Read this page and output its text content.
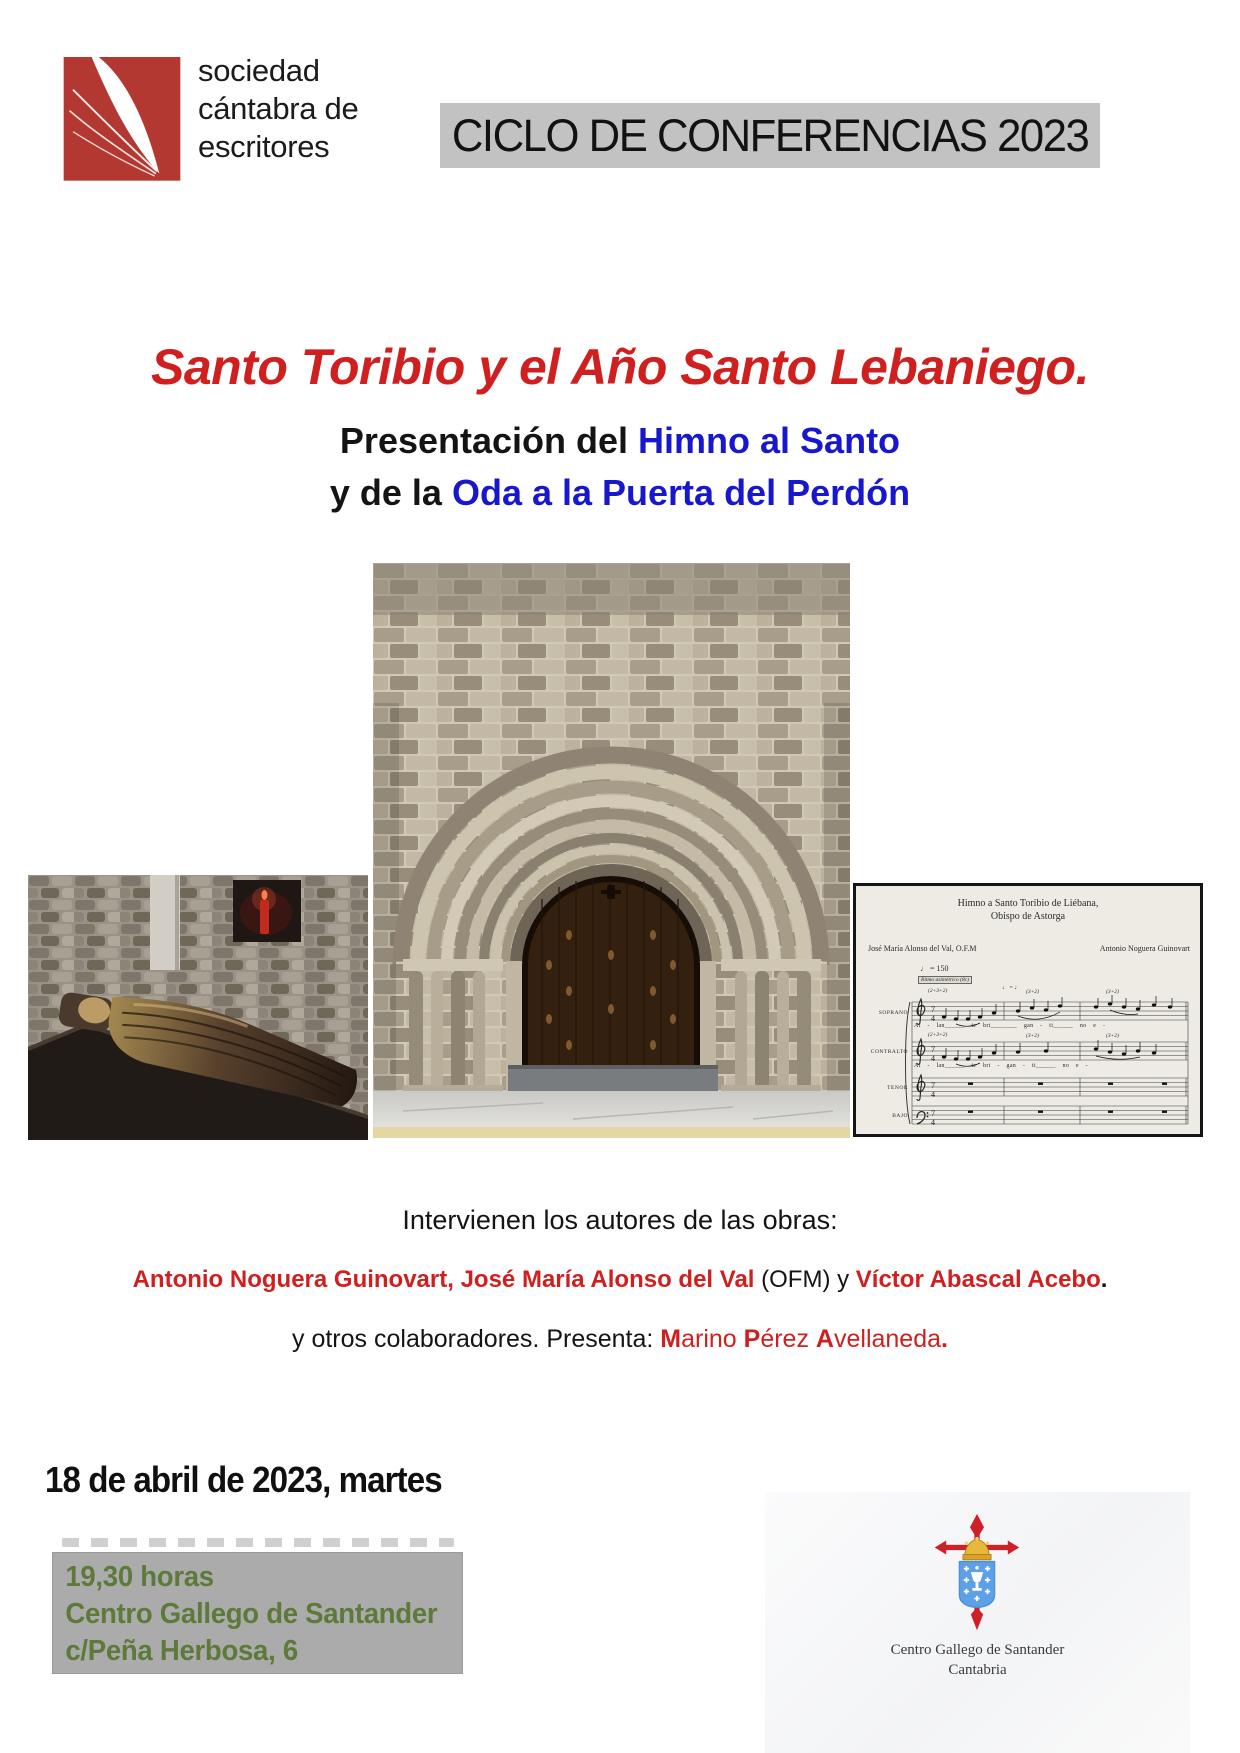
sociedad
cántabra de
escritores	CICLO DE CONFERENCIAS 2023
Santo Toribio y el Año Santo Lebaniego.
Presentación del Himno al Santo
y de la Oda a la Puerta del Perdón
Himno a Santo Toribio de Liébana,
Obispo de Astorga
José María Alonso del Val, O.F.M	Antonio Noguera Guinovart
♩ = 150
Ritmo asimétrico (8c)
♩ = ♩
(2+3+2)	(3+2)	(3+2)
(2+3+2)	(3+2)	(3+2)
SOPRANO
CONTRALTO
TENOR
BAJO
At - lan______ te bri________ gan - ti______ no e -
At - lan______ te bri - gan - ti______ no e -
7
4
7
4
7
4
7
4
Intervienen los autores de las obras:
Antonio Noguera Guinovart, José María Alonso del Val (OFM) y Víctor Abascal Acebo.
y otros colaboradores. Presenta: Marino Pérez Avellaneda.
18 de abril de 2023, martes
19,30 horas
Centro Gallego de Santander
c/Peña Herbosa, 6	Centro Gallego de Santander
Cantabria
